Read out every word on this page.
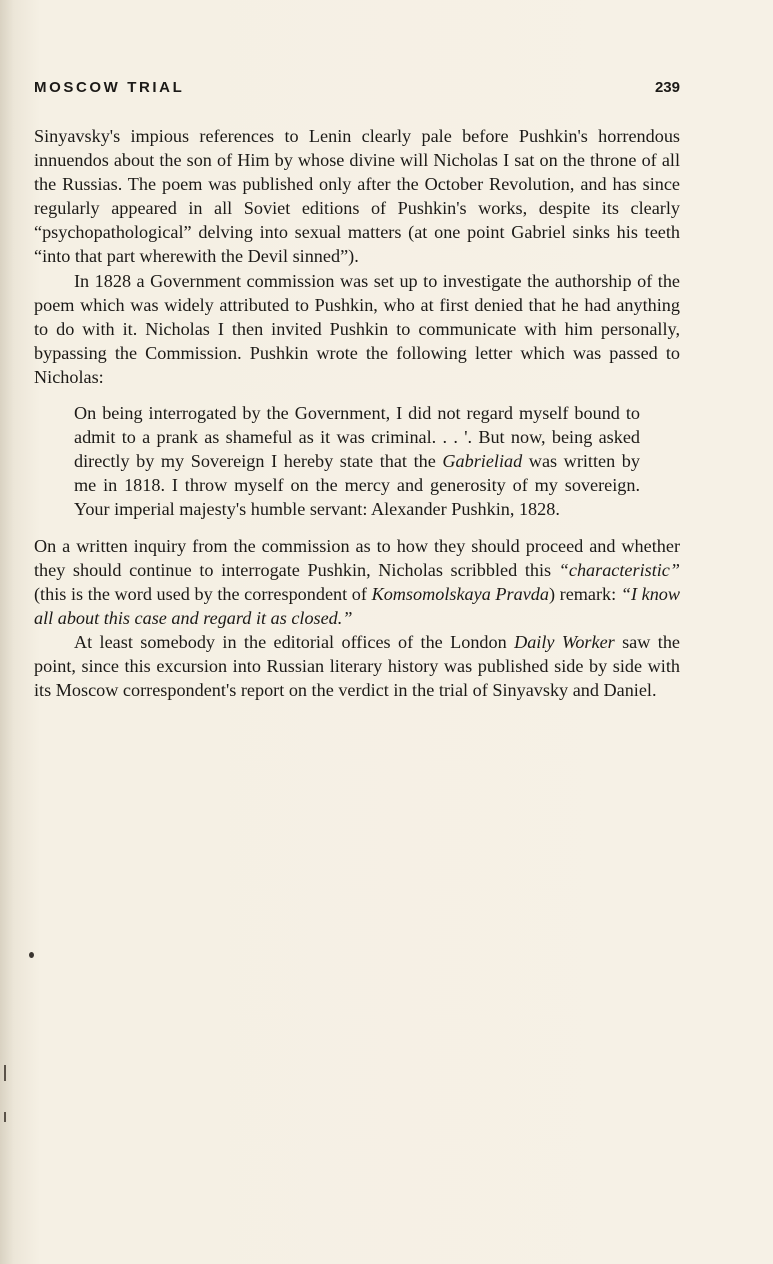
MOSCOW TRIAL	239

Sinyavsky's impious references to Lenin clearly pale before Pushkin's horrendous innuendos about the son of Him by whose divine will Nicholas I sat on the throne of all the Russias. The poem was published only after the October Revolution, and has since regularly appeared in all Soviet editions of Pushkin's works, despite its clearly “psychopathological” delving into sexual matters (at one point Gabriel sinks his teeth “into that part wherewith the Devil sinned”).

In 1828 a Government commission was set up to investigate the authorship of the poem which was widely attributed to Pushkin, who at first denied that he had anything to do with it. Nicholas I then invited Pushkin to communicate with him personally, bypassing the Commission. Pushkin wrote the following letter which was passed to Nicholas:

On being interrogated by the Government, I did not regard myself bound to admit to a prank as shameful as it was criminal. . . '. But now, being asked directly by my Sovereign I hereby state that the Gabrieliad was written by me in 1818. I throw myself on the mercy and generosity of my sovereign. Your imperial majesty's humble servant: Alexander Pushkin, 1828.

On a written inquiry from the commission as to how they should proceed and whether they should continue to interrogate Pushkin, Nicholas scribbled this “characteristic” (this is the word used by the correspondent of Komsomolskaya Pravda) remark: “I know all about this case and regard it as closed.”

At least somebody in the editorial offices of the London Daily Worker saw the point, since this excursion into Russian literary history was published side by side with its Moscow correspondent's report on the verdict in the trial of Sinyavsky and Daniel.
